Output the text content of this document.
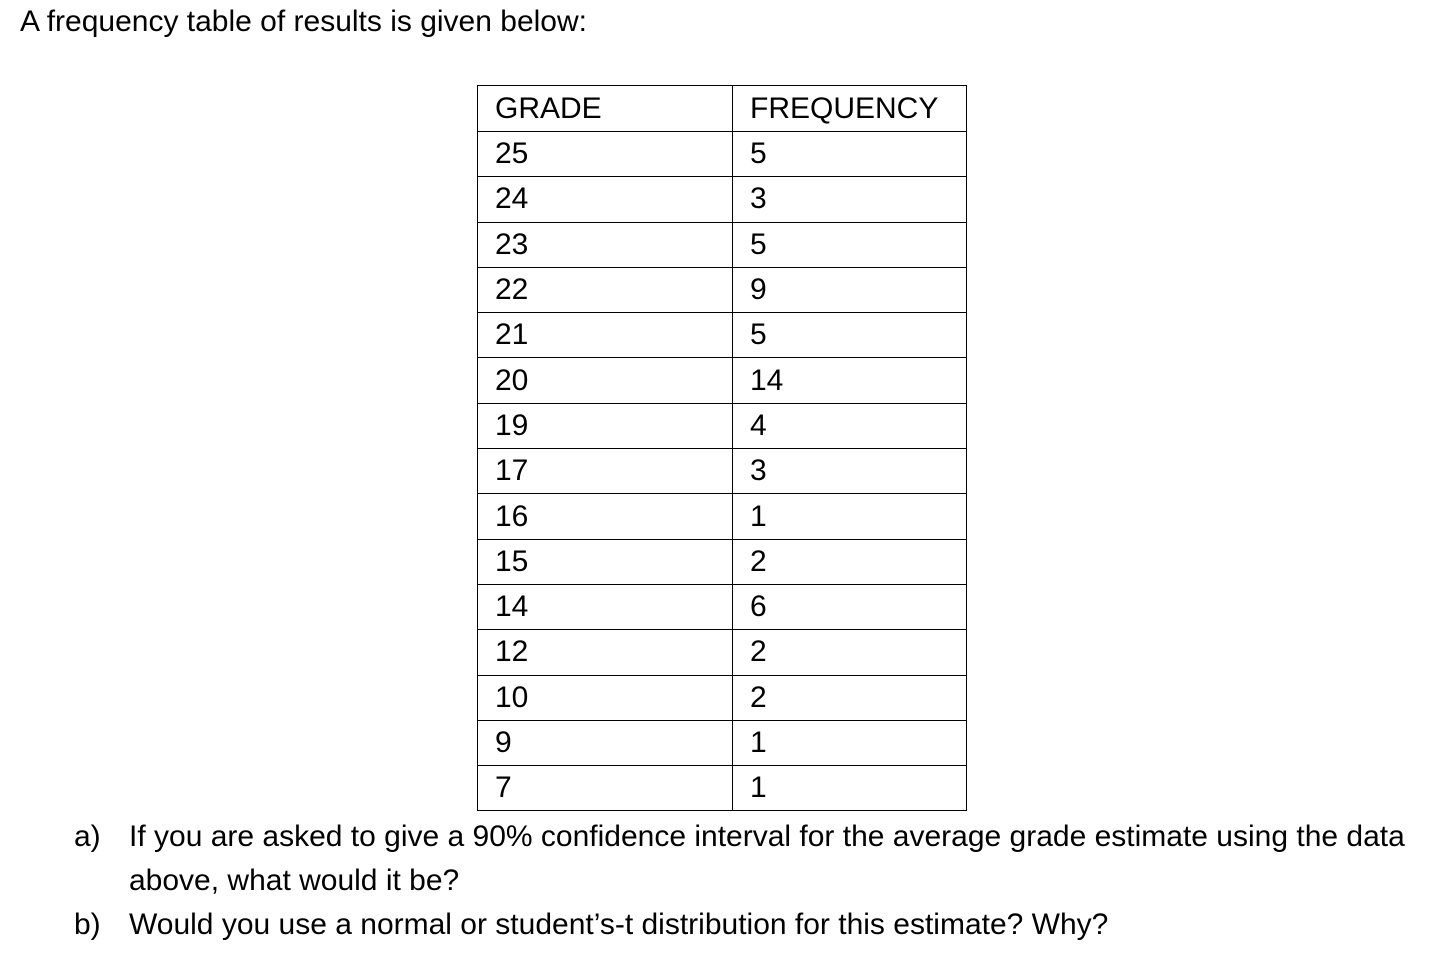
A frequency table of results is given below:
GRADE	FREQUENCY
25	5
24	3
23	5
22	9
21	5
20	14
19	4
17	3
16	1
15	2
14	6
12	2
10	2
9	1
7	1
a) If you are asked to give a 90% confidence interval for the average grade estimate using the data above, what would it be?
b) Would you use a normal or student’s-t distribution for this estimate? Why?
